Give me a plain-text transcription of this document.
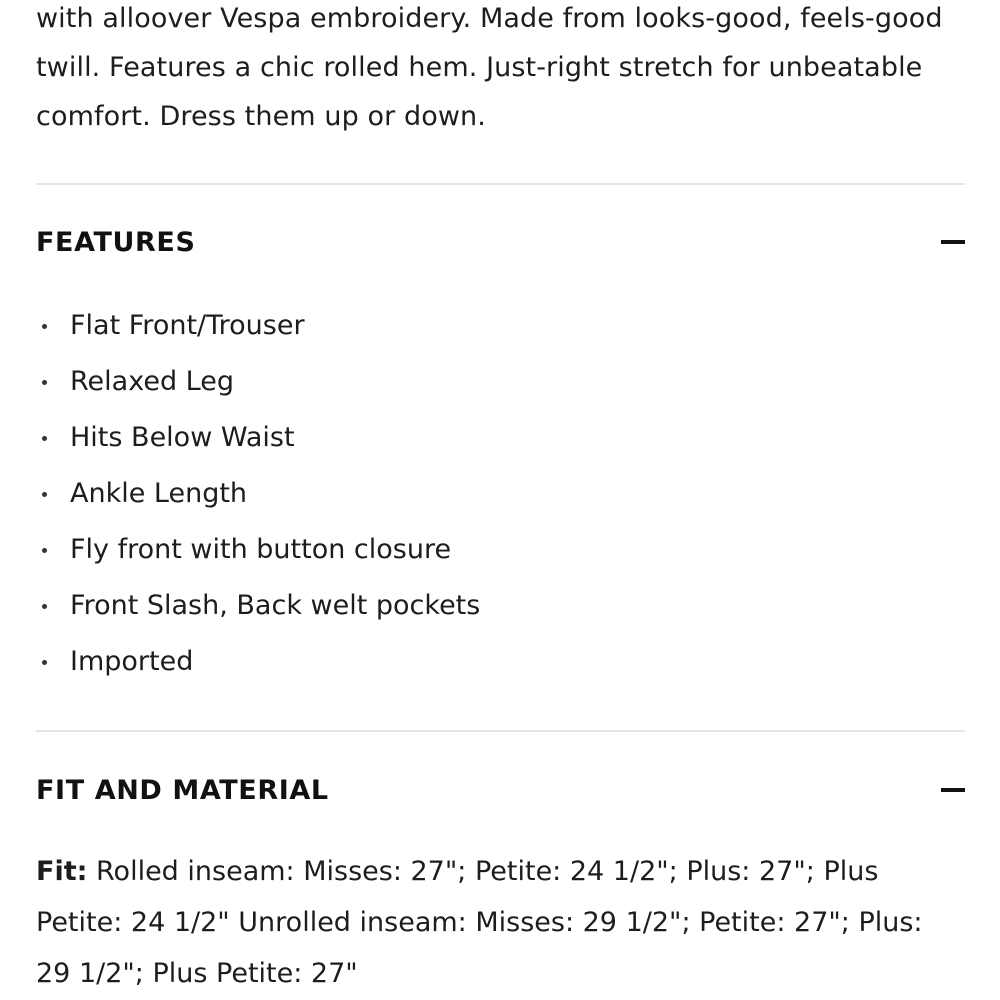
with alloover Vespa embroidery. Made from looks-good, feels-good twill. Features a chic rolled hem. Just-right stretch for unbeatable comfort. Dress them up or down.

FEATURES
Flat Front/Trouser
Relaxed Leg
Hits Below Waist
Ankle Length
Fly front with button closure
Front Slash, Back welt pockets
Imported
FIT AND MATERIAL

Fit: Rolled inseam: Misses: 27"; Petite: 24 1/2"; Plus: 27"; Plus Petite: 24 1/2" Unrolled inseam: Misses: 29 1/2"; Petite: 27"; Plus: 29 1/2"; Plus Petite: 27"
